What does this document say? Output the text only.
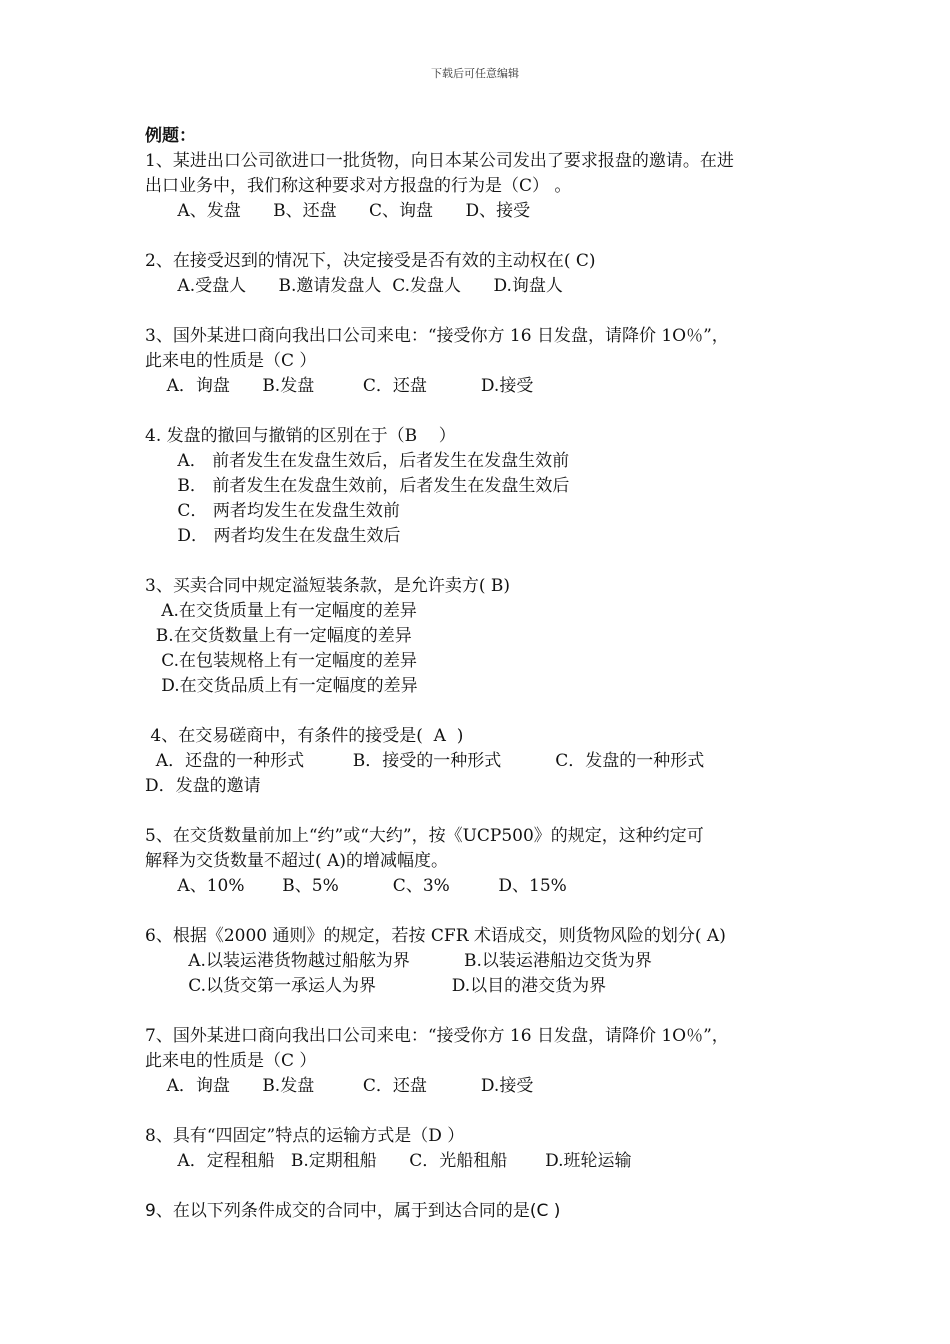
下载后可任意编辑
例题：
1、某进出口公司欲进口一批货物，向日本某公司发出了要求报盘的邀请。在进
出口业务中，我们称这种要求对方报盘的行为是（C） 。
A、发盘      B、还盘      C、询盘      D、接受
2、在接受迟到的情况下，决定接受是否有效的主动权在( C)
A.受盘人      B.邀请发盘人  C.发盘人      D.询盘人
3、国外某进口商向我出口公司来电：“接受你方 16 日发盘，请降价 1O％”，
此来电的性质是（C ）
A．询盘      B.发盘         C．还盘          D.接受
4. 发盘的撤回与撤销的区别在于（B    ）
A． 前者发生在发盘生效后，后者发生在发盘生效前
B． 前者发生在发盘生效前，后者发生在发盘生效后
C． 两者均发生在发盘生效前
D． 两者均发生在发盘生效后
3、买卖合同中规定溢短装条款，是允许卖方( B)
A.在交货质量上有一定幅度的差异
B.在交货数量上有一定幅度的差异
C.在包装规格上有一定幅度的差异
D.在交货品质上有一定幅度的差异
4、在交易磋商中，有条件的接受是(  A  )
A．还盘的一种形式         B．接受的一种形式          C．发盘的一种形式
D．发盘的邀请
5、在交货数量前加上“约”或“大约”，按《UCP500》的规定，这种约定可
解释为交货数量不超过( A)的增减幅度。
A、10%       B、5%          C、3%         D、15%
6、根据《2000 通则》的规定，若按 CFR 术语成交，则货物风险的划分( A)
A.以装运港货物越过船舷为界          B.以装运港船边交货为界
C.以货交第一承运人为界              D.以目的港交货为界
7、国外某进口商向我出口公司来电：“接受你方 16 日发盘，请降价 1O％”，
此来电的性质是（C ）
A．询盘      B.发盘         C．还盘          D.接受
8、具有“四固定”特点的运输方式是（D ）
A．定程租船   B.定期租船      C．光船租船       D.班轮运输
9、在以下列条件成交的合同中，属于到达合同的是(C )
